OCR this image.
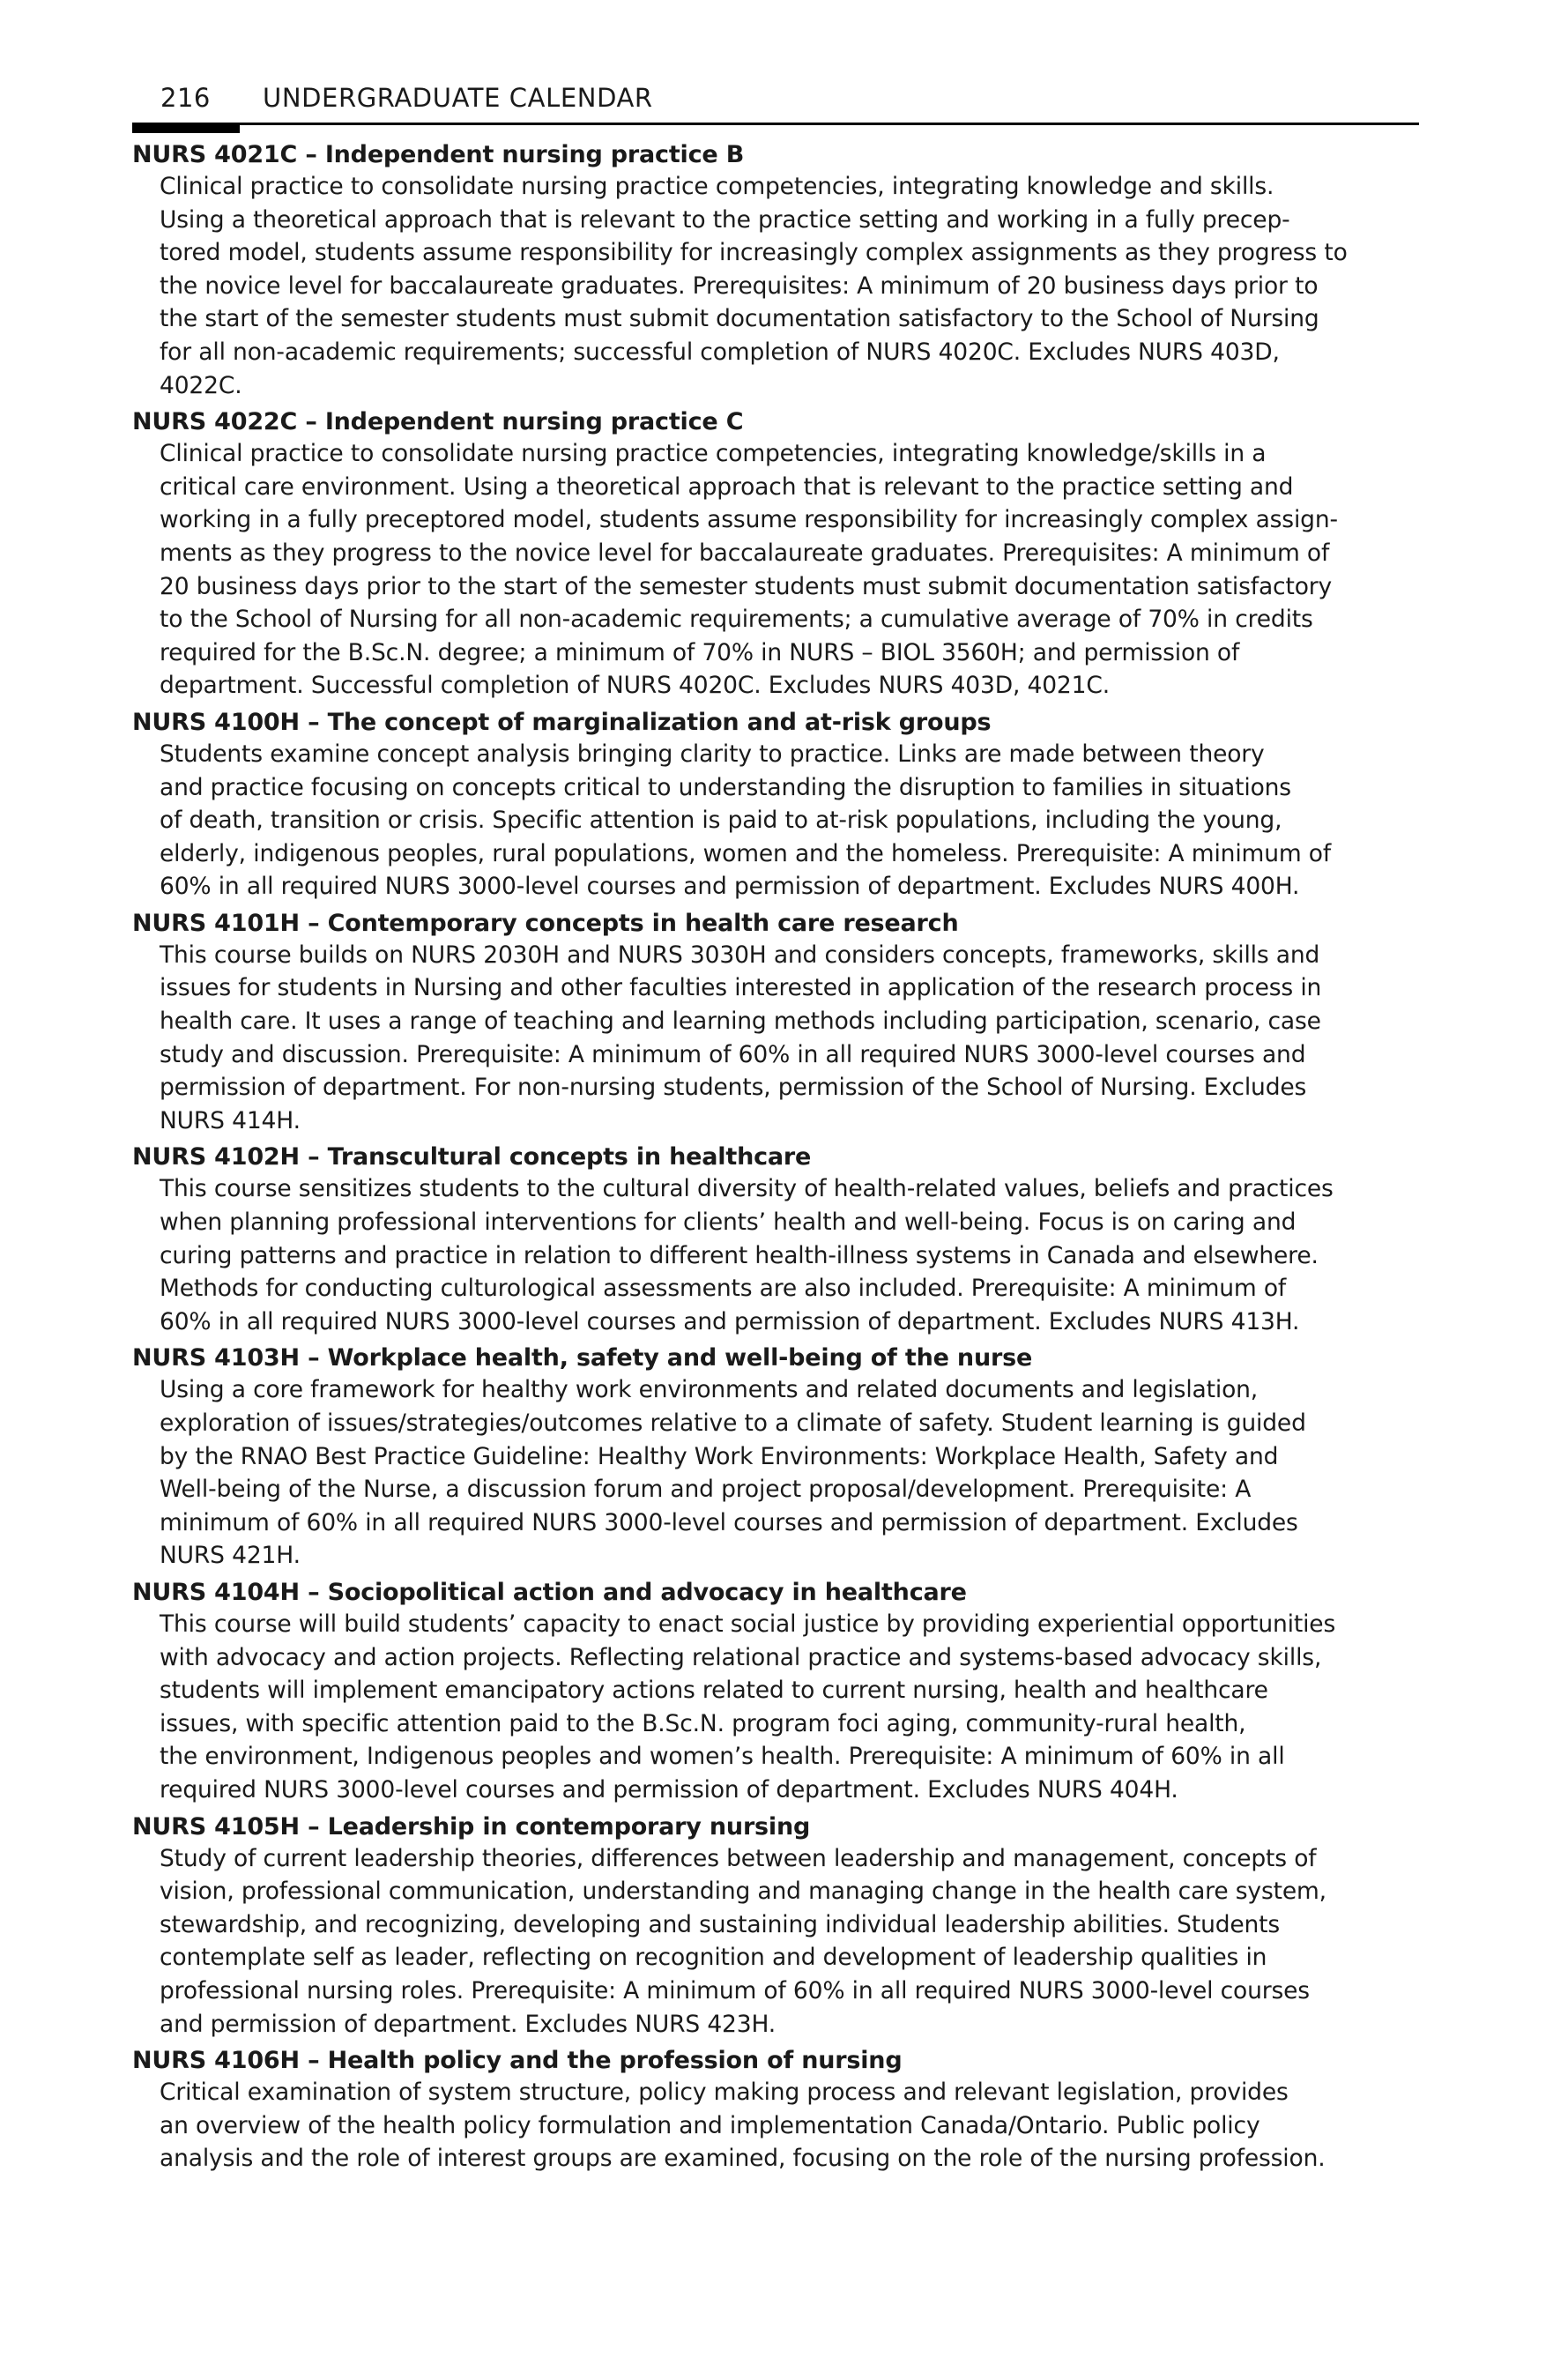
216 UNDERGRADUATE CALENDAR
NURS 4021C – Independent nursing practice B
Clinical practice to consolidate nursing practice competencies, integrating knowledge and skills.
Using a theoretical approach that is relevant to the practice setting and working in a fully precep-
tored model, students assume responsibility for increasingly complex assignments as they progress to
the novice level for baccalaureate graduates. Prerequisites: A minimum of 20 business days prior to
the start of the semester students must submit documentation satisfactory to the School of Nursing
for all non-academic requirements; successful completion of NURS 4020C. Excludes NURS 403D,
4022C.
NURS 4022C – Independent nursing practice C
Clinical practice to consolidate nursing practice competencies, integrating knowledge/skills in a
critical care environment. Using a theoretical approach that is relevant to the practice setting and
working in a fully preceptored model, students assume responsibility for increasingly complex assign-
ments as they progress to the novice level for baccalaureate graduates. Prerequisites: A minimum of
20 business days prior to the start of the semester students must submit documentation satisfactory
to the School of Nursing for all non-academic requirements; a cumulative average of 70% in credits
required for the B.Sc.N. degree; a minimum of 70% in NURS – BIOL 3560H; and permission of
department. Successful completion of NURS 4020C. Excludes NURS 403D, 4021C.
NURS 4100H – The concept of marginalization and at-risk groups
Students examine concept analysis bringing clarity to practice. Links are made between theory
and practice focusing on concepts critical to understanding the disruption to families in situations
of death, transition or crisis. Specific attention is paid to at-risk populations, including the young,
elderly, indigenous peoples, rural populations, women and the homeless. Prerequisite: A minimum of
60% in all required NURS 3000-level courses and permission of department. Excludes NURS 400H.
NURS 4101H – Contemporary concepts in health care research
This course builds on NURS 2030H and NURS 3030H and considers concepts, frameworks, skills and
issues for students in Nursing and other faculties interested in application of the research process in
health care. It uses a range of teaching and learning methods including participation, scenario, case
study and discussion. Prerequisite: A minimum of 60% in all required NURS 3000-level courses and
permission of department. For non-nursing students, permission of the School of Nursing. Excludes
NURS 414H.
NURS 4102H – Transcultural concepts in healthcare
This course sensitizes students to the cultural diversity of health-related values, beliefs and practices
when planning professional interventions for clients’ health and well-being. Focus is on caring and
curing patterns and practice in relation to different health-illness systems in Canada and elsewhere.
Methods for conducting culturological assessments are also included. Prerequisite: A minimum of
60% in all required NURS 3000-level courses and permission of department. Excludes NURS 413H.
NURS 4103H – Workplace health, safety and well-being of the nurse
Using a core framework for healthy work environments and related documents and legislation,
exploration of issues/strategies/outcomes relative to a climate of safety. Student learning is guided
by the RNAO Best Practice Guideline: Healthy Work Environments: Workplace Health, Safety and
Well-being of the Nurse, a discussion forum and project proposal/development. Prerequisite: A
minimum of 60% in all required NURS 3000-level courses and permission of department. Excludes
NURS 421H.
NURS 4104H – Sociopolitical action and advocacy in healthcare
This course will build students’ capacity to enact social justice by providing experiential opportunities
with advocacy and action projects. Reflecting relational practice and systems-based advocacy skills,
students will implement emancipatory actions related to current nursing, health and healthcare
issues, with specific attention paid to the B.Sc.N. program foci aging, community-rural health,
the environment, Indigenous peoples and women’s health. Prerequisite: A minimum of 60% in all
required NURS 3000-level courses and permission of department. Excludes NURS 404H.
NURS 4105H – Leadership in contemporary nursing
Study of current leadership theories, differences between leadership and management, concepts of
vision, professional communication, understanding and managing change in the health care system,
stewardship, and recognizing, developing and sustaining individual leadership abilities. Students
contemplate self as leader, reflecting on recognition and development of leadership qualities in
professional nursing roles. Prerequisite: A minimum of 60% in all required NURS 3000-level courses
and permission of department. Excludes NURS 423H.
NURS 4106H – Health policy and the profession of nursing
Critical examination of system structure, policy making process and relevant legislation, provides
an overview of the health policy formulation and implementation Canada/Ontario. Public policy
analysis and the role of interest groups are examined, focusing on the role of the nursing profession.
